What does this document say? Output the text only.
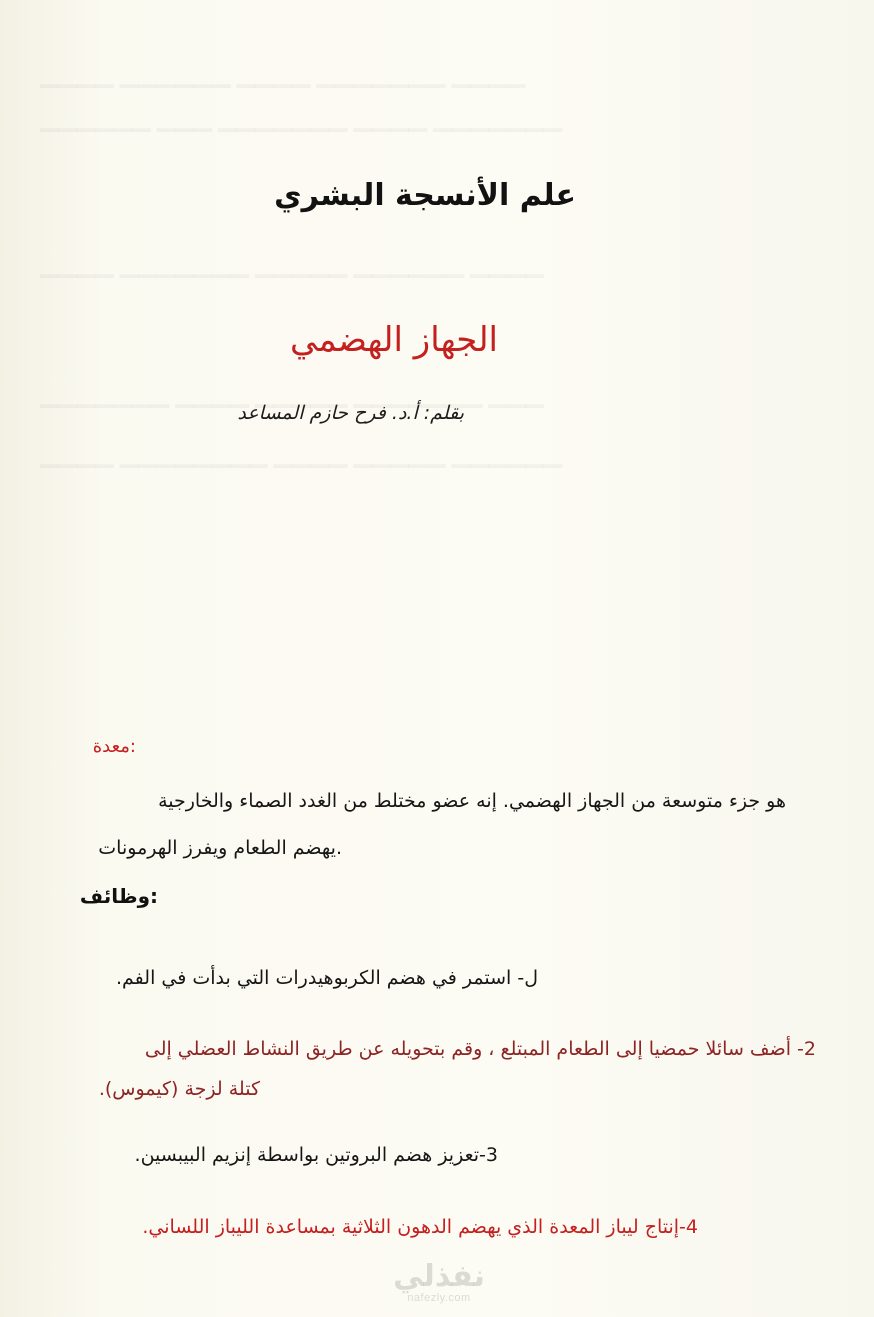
▁▁▁▁ ▁▁▁▁▁▁ ▁▁▁▁ ▁▁▁▁▁▁▁ ▁▁▁▁
▁▁▁▁▁▁ ▁▁▁ ▁▁▁▁▁▁▁ ▁▁▁▁ ▁▁▁▁▁▁▁
▁▁▁▁ ▁▁▁▁▁▁▁ ▁▁▁▁▁ ▁▁▁▁▁▁ ▁▁▁▁
▁▁▁▁▁▁▁ ▁▁▁▁ ▁▁▁▁▁ ▁▁▁▁▁▁▁ ▁▁▁
▁▁▁▁ ▁▁▁▁▁▁▁▁ ▁▁▁▁ ▁▁▁▁▁ ▁▁▁▁▁▁
علم الأنسجة البشري
الجهاز الهضمي
بقلم: أ.د. فرح حازم المساعد
:معدة
هو جزء متوسعة من الجهاز الهضمي. إنه عضو مختلط من الغدد الصماء والخارجية
.يهضم الطعام ويفرز الهرمونات
:وظائف
ل- استمر في هضم الكربوهيدرات التي بدأت في الفم.
2- أضف سائلا حمضيا إلى الطعام المبتلع ، وقم بتحويله عن طريق النشاط العضلي إلى
كتلة لزجة (كيموس).
3-تعزيز هضم البروتين بواسطة إنزيم البيبسين.
4-إنتاج ليباز المعدة الذي يهضم الدهون الثلاثية بمساعدة الليباز اللساني.
نفذلي
nafezly.com
